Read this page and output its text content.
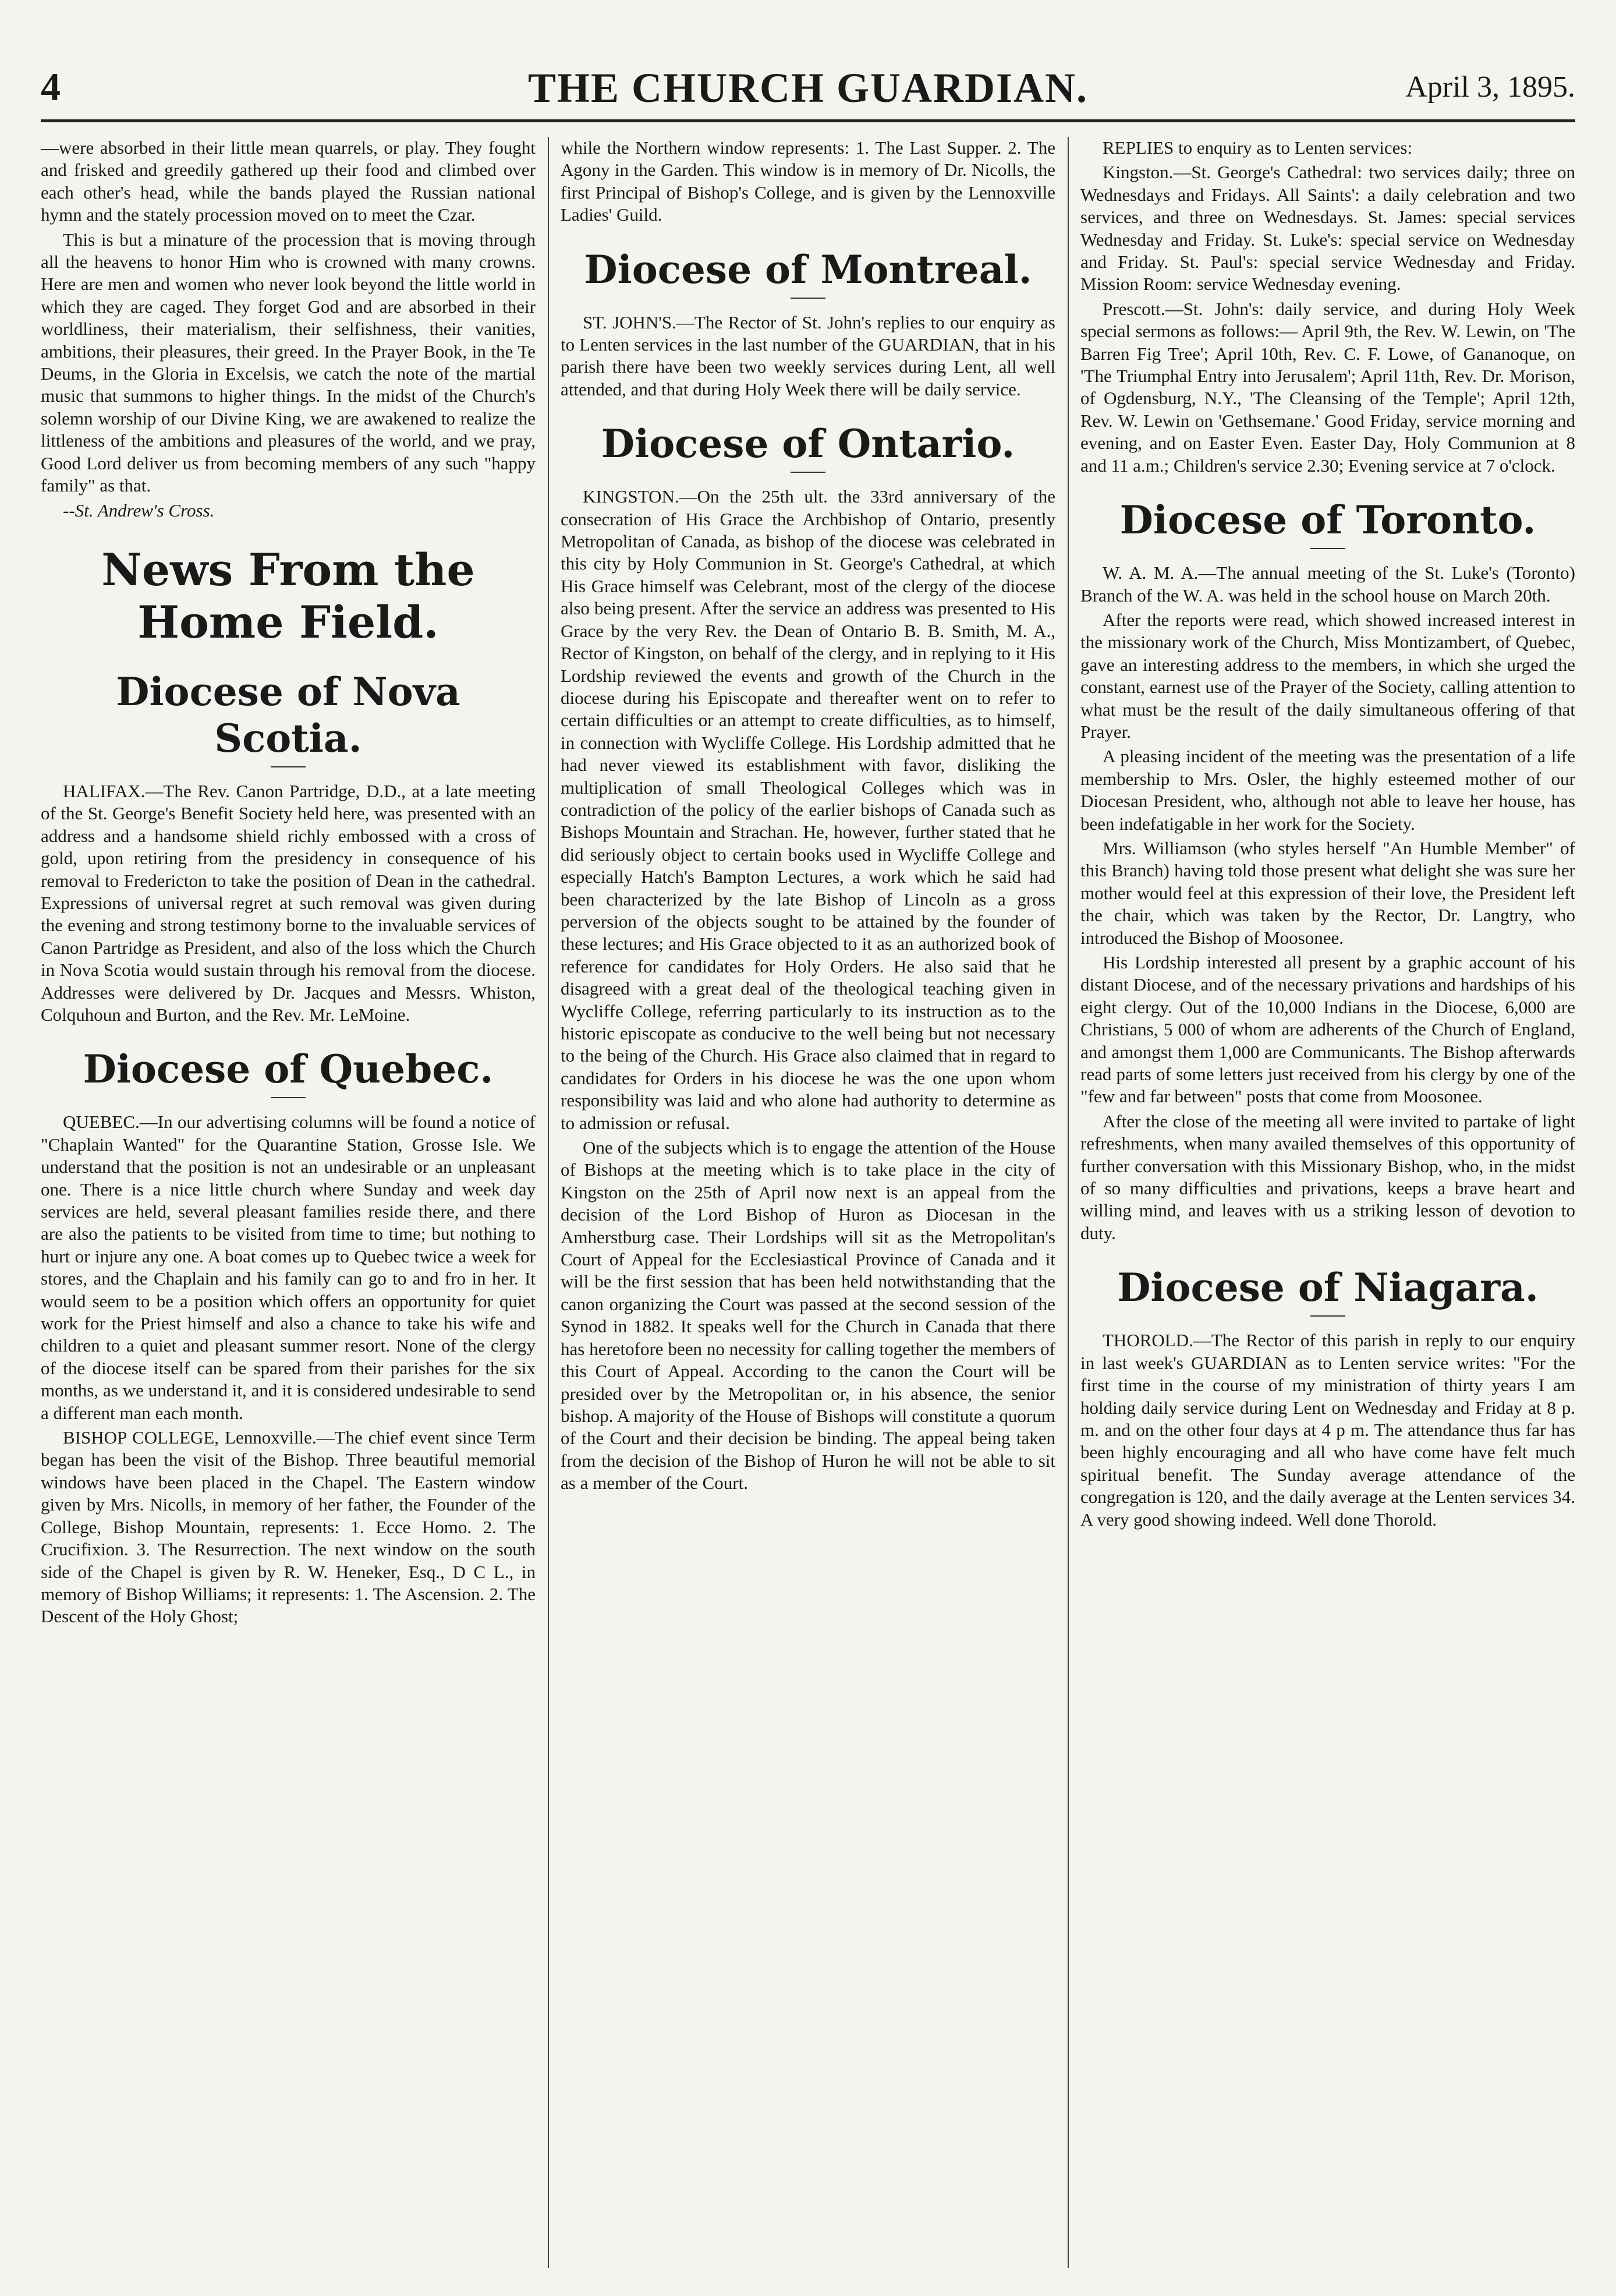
4	THE CHURCH GUARDIAN.	April 3, 1895.

—were absorbed in their little mean quarrels, or play. They fought and frisked and greedily gathered up their food and climbed over each other's head, while the bands played the Russian national hymn and the stately procession moved on to meet the Czar.

This is but a minature of the procession that is moving through all the heavens to honor Him who is crowned with many crowns. Here are men and women who never look beyond the little world in which they are caged. They forget God and are absorbed in their worldliness, their materialism, their selfishness, their vanities, ambitions, their pleasures, their greed. In the Prayer Book, in the Te Deums, in the Gloria in Excelsis, we catch the note of the martial music that summons to higher things. In the midst of the Church's solemn worship of our Divine King, we are awakened to realize the littleness of the ambitions and pleasures of the world, and we pray, Good Lord deliver us from becoming members of any such "happy family" as that.

--St. Andrew's Cross.

News From the Home Field.
Diocese of Nova Scotia.

HALIFAX.—The Rev. Canon Partridge, D.D., at a late meeting of the St. George's Benefit Society held here, was presented with an address and a handsome shield richly embossed with a cross of gold, upon retiring from the presidency in consequence of his removal to Fredericton to take the position of Dean in the cathedral. Expressions of universal regret at such removal was given during the evening and strong testimony borne to the invaluable services of Canon Partridge as President, and also of the loss which the Church in Nova Scotia would sustain through his removal from the diocese. Addresses were delivered by Dr. Jacques and Messrs. Whiston, Colquhoun and Burton, and the Rev. Mr. LeMoine.

Diocese of Quebec.

QUEBEC.—In our advertising columns will be found a notice of "Chaplain Wanted" for the Quarantine Station, Grosse Isle. We understand that the position is not an undesirable or an unpleasant one. There is a nice little church where Sunday and week day services are held, several pleasant families reside there, and there are also the patients to be visited from time to time; but nothing to hurt or injure any one. A boat comes up to Quebec twice a week for stores, and the Chaplain and his family can go to and fro in her. It would seem to be a position which offers an opportunity for quiet work for the Priest himself and also a chance to take his wife and children to a quiet and pleasant summer resort. None of the clergy of the diocese itself can be spared from their parishes for the six months, as we understand it, and it is considered undesirable to send a different man each month.

BISHOP COLLEGE, Lennoxville.—The chief event since Term began has been the visit of the Bishop. Three beautiful memorial windows have been placed in the Chapel. The Eastern window given by Mrs. Nicolls, in memory of her father, the Founder of the College, Bishop Mountain, represents: 1. Ecce Homo. 2. The Crucifixion. 3. The Resurrection. The next window on the south side of the Chapel is given by R. W. Heneker, Esq., D C L., in memory of Bishop Williams; it represents: 1. The Ascension. 2. The Descent of the Holy Ghost;

while the Northern window represents: 1. The Last Supper. 2. The Agony in the Garden. This window is in memory of Dr. Nicolls, the first Principal of Bishop's College, and is given by the Lennoxville Ladies' Guild.

Diocese of Montreal.

ST. JOHN'S.—The Rector of St. John's replies to our enquiry as to Lenten services in the last number of the GUARDIAN, that in his parish there have been two weekly services during Lent, all well attended, and that during Holy Week there will be daily service.

Diocese of Ontario.

KINGSTON.—On the 25th ult. the 33rd anniversary of the consecration of His Grace the Archbishop of Ontario, presently Metropolitan of Canada, as bishop of the diocese was celebrated in this city by Holy Communion in St. George's Cathedral, at which His Grace himself was Celebrant, most of the clergy of the diocese also being present. After the service an address was presented to His Grace by the very Rev. the Dean of Ontario B. B. Smith, M. A., Rector of Kingston, on behalf of the clergy, and in replying to it His Lordship reviewed the events and growth of the Church in the diocese during his Episcopate and thereafter went on to refer to certain difficulties or an attempt to create difficulties, as to himself, in connection with Wycliffe College. His Lordship admitted that he had never viewed its establishment with favor, disliking the multiplication of small Theological Colleges which was in contradiction of the policy of the earlier bishops of Canada such as Bishops Mountain and Strachan. He, however, further stated that he did seriously object to certain books used in Wycliffe College and especially Hatch's Bampton Lectures, a work which he said had been characterized by the late Bishop of Lincoln as a gross perversion of the objects sought to be attained by the founder of these lectures; and His Grace objected to it as an authorized book of reference for candidates for Holy Orders. He also said that he disagreed with a great deal of the theological teaching given in Wycliffe College, referring particularly to its instruction as to the historic episcopate as conducive to the well being but not necessary to the being of the Church. His Grace also claimed that in regard to candidates for Orders in his diocese he was the one upon whom responsibility was laid and who alone had authority to determine as to admission or refusal.

One of the subjects which is to engage the attention of the House of Bishops at the meeting which is to take place in the city of Kingston on the 25th of April now next is an appeal from the decision of the Lord Bishop of Huron as Diocesan in the Amherstburg case. Their Lordships will sit as the Metropolitan's Court of Appeal for the Ecclesiastical Province of Canada and it will be the first session that has been held notwithstanding that the canon organizing the Court was passed at the second session of the Synod in 1882. It speaks well for the Church in Canada that there has heretofore been no necessity for calling together the members of this Court of Appeal. According to the canon the Court will be presided over by the Metropolitan or, in his absence, the senior bishop. A majority of the House of Bishops will constitute a quorum of the Court and their decision be binding. The appeal being taken from the decision of the Bishop of Huron he will not be able to sit as a member of the Court.

REPLIES to enquiry as to Lenten services:

Kingston.—St. George's Cathedral: two services daily; three on Wednesdays and Fridays. All Saints': a daily celebration and two services, and three on Wednesdays. St. James: special services Wednesday and Friday. St. Luke's: special service on Wednesday and Friday. St. Paul's: special service Wednesday and Friday. Mission Room: service Wednesday evening.

Prescott.—St. John's: daily service, and during Holy Week special sermons as follows:— April 9th, the Rev. W. Lewin, on 'The Barren Fig Tree'; April 10th, Rev. C. F. Lowe, of Gananoque, on 'The Triumphal Entry into Jerusalem'; April 11th, Rev. Dr. Morison, of Ogdensburg, N.Y., 'The Cleansing of the Temple'; April 12th, Rev. W. Lewin on 'Gethsemane.' Good Friday, service morning and evening, and on Easter Even. Easter Day, Holy Communion at 8 and 11 a.m.; Children's service 2.30; Evening service at 7 o'clock.

Diocese of Toronto.

W. A. M. A.—The annual meeting of the St. Luke's (Toronto) Branch of the W. A. was held in the school house on March 20th.

After the reports were read, which showed increased interest in the missionary work of the Church, Miss Montizambert, of Quebec, gave an interesting address to the members, in which she urged the constant, earnest use of the Prayer of the Society, calling attention to what must be the result of the daily simultaneous offering of that Prayer.

A pleasing incident of the meeting was the presentation of a life membership to Mrs. Osler, the highly esteemed mother of our Diocesan President, who, although not able to leave her house, has been indefatigable in her work for the Society.

Mrs. Williamson (who styles herself "An Humble Member" of this Branch) having told those present what delight she was sure her mother would feel at this expression of their love, the President left the chair, which was taken by the Rector, Dr. Langtry, who introduced the Bishop of Moosonee.

His Lordship interested all present by a graphic account of his distant Diocese, and of the necessary privations and hardships of his eight clergy. Out of the 10,000 Indians in the Diocese, 6,000 are Christians, 5 000 of whom are adherents of the Church of England, and amongst them 1,000 are Communicants. The Bishop afterwards read parts of some letters just received from his clergy by one of the "few and far between" posts that come from Moosonee.

After the close of the meeting all were invited to partake of light refreshments, when many availed themselves of this opportunity of further conversation with this Missionary Bishop, who, in the midst of so many difficulties and privations, keeps a brave heart and willing mind, and leaves with us a striking lesson of devotion to duty.

Diocese of Niagara.

THOROLD.—The Rector of this parish in reply to our enquiry in last week's GUARDIAN as to Lenten service writes: "For the first time in the course of my ministration of thirty years I am holding daily service during Lent on Wednesday and Friday at 8 p. m. and on the other four days at 4 p m. The attendance thus far has been highly encouraging and all who have come have felt much spiritual benefit. The Sunday average attendance of the congregation is 120, and the daily average at the Lenten services 34. A very good showing indeed. Well done Thorold.
